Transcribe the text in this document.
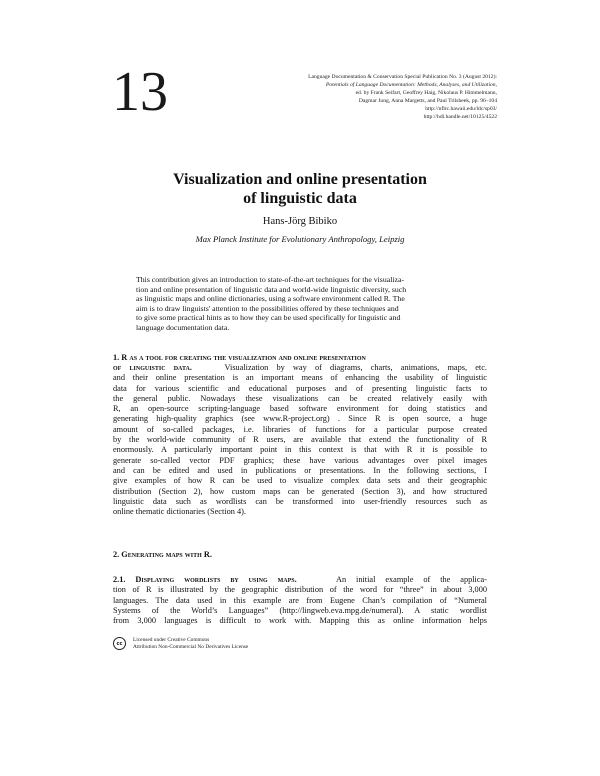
13	Language Documentation & Conservation Special Publication No. 3 (August 2012):
Potentials of Language Documentation: Methods, Analyses, and Utilization,
ed. by Frank Seifart, Geoffrey Haig, Nikolaus P. Himmelmann,
Dagmar Jung, Anna Margetts, and Paul Trilsbeek, pp. 96–104
http://nflrc.hawaii.edu/ldc/sp03/
http://hdl.handle.net/10125/4522
Visualization and online presentation
of linguistic data
Hans-Jörg Bibiko
Max Planck Institute for Evolutionary Anthropology, Leipzig
This contribution gives an introduction to state-of-the-art techniques for the visualiza-
tion and online presentation of linguistic data and world-wide linguistic diversity, such
as linguistic maps and online dictionaries, using a software environment called R. The
aim is to draw linguists' attention to the possibilities offered by these techniques and
to give some practical hints as to how they can be used specifically for linguistic and
language documentation data.
1. R as a tool for creating the visualization and online presentation
of linguistic data.	Visualization by way of diagrams, charts, animations, maps, etc.
and their online presentation is an important means of enhancing the usability of linguistic
data for various scientific and educational purposes and of presenting linguistic facts to
the general public. Nowadays these visualizations can be created relatively easily with
R, an open-source scripting-language based software environment for doing statistics and
generating high-quality graphics (see www.R-project.org) . Since R is open source, a huge
amount of so-called packages, i.e. libraries of functions for a particular purpose created
by the world-wide community of R users, are available that extend the functionality of R
enormously. A particularly important point in this context is that with R it is possible to
generate so-called vector PDF graphics; these have various advantages over pixel images
and can be edited and used in publications or presentations. In the following sections, I
give examples of how R can be used to visualize complex data sets and their geographic
distribution (Section 2), how custom maps can be generated (Section 3), and how structured
linguistic data such as wordlists can be transformed into user-friendly resources such as
online thematic dictionaries (Section 4).
2. Generating maps with R.
2.1. Displaying wordlists by using maps.	An initial example of the applica-
tion of R is illustrated by the geographic distribution of the word for “three” in about 3,000
languages. The data used in this example are from Eugene Chan’s compilation of “Numeral
Systems of the World’s Languages” (http://lingweb.eva.mpg.de/numeral). A static wordlist
from 3,000 languages is difficult to work with. Mapping this as online information helps
cc
Licensed under Creative Commons
Attribution Non-Commercial No Derivatives License
